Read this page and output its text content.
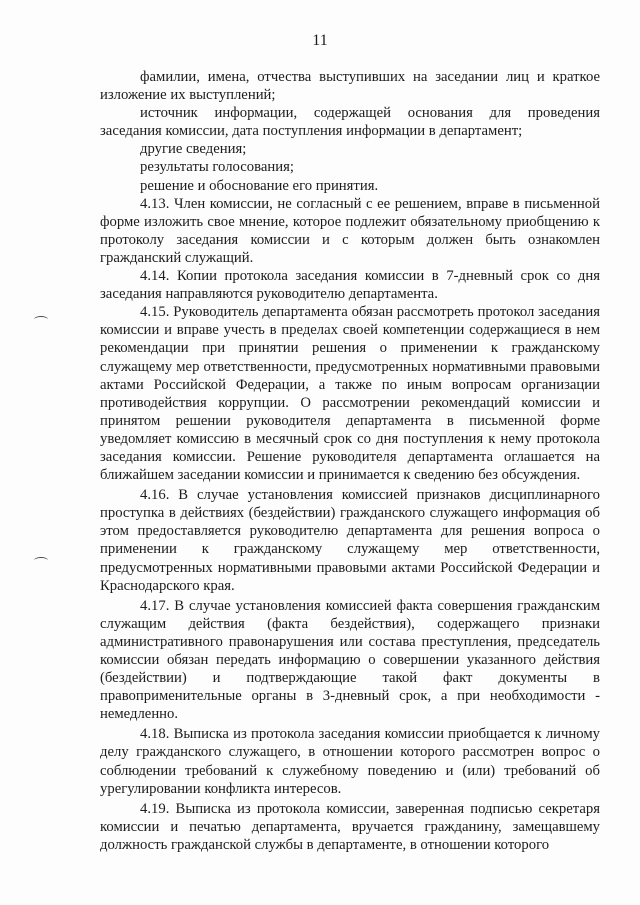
11

фамилии, имена, отчества выступивших на заседании лиц и краткое изложение их выступлений;

источник информации, содержащей основания для проведения заседания комиссии, дата поступления информации в департамент;

другие сведения;

результаты голосования;

решение и обоснование его принятия.

4.13. Член комиссии, не согласный с ее решением, вправе в письменной форме изложить свое мнение, которое подлежит обязательному приобщению к протоколу заседания комиссии и с которым должен быть ознакомлен гражданский служащий.

4.14. Копии протокола заседания комиссии в 7-дневный срок со дня заседания направляются руководителю департамента.

4.15. Руководитель департамента обязан рассмотреть протокол заседания комиссии и вправе учесть в пределах своей компетенции содержащиеся в нем рекомендации при принятии решения о применении к гражданскому служащему мер ответственности, предусмотренных нормативными правовыми актами Российской Федерации, а также по иным вопросам организации противодействия коррупции. О рассмотрении рекомендаций комиссии и принятом решении руководителя департамента в письменной форме уведомляет комиссию в месячный срок со дня поступления к нему протокола заседания комиссии. Решение руководителя департамента оглашается на ближайшем заседании комиссии и принимается к сведению без обсуждения.

4.16. В случае установления комиссией признаков дисциплинарного проступка в действиях (бездействии) гражданского служащего информация об этом предоставляется руководителю департамента для решения вопроса о применении к гражданскому служащему мер ответственности, предусмотренных нормативными правовыми актами Российской Федерации и Краснодарского края.

4.17. В случае установления комиссией факта совершения гражданским служащим действия (факта бездействия), содержащего признаки административного правонарушения или состава преступления, председатель комиссии обязан передать информацию о совершении указанного действия (бездействии) и подтверждающие такой факт документы в правоприменительные органы в 3-дневный срок, а при необходимости - немедленно.

4.18. Выписка из протокола заседания комиссии приобщается к личному делу гражданского служащего, в отношении которого рассмотрен вопрос о соблюдении требований к служебному поведению и (или) требований об урегулировании конфликта интересов.

4.19. Выписка из протокола комиссии, заверенная подписью секретаря комиссии и печатью департамента, вручается гражданину, замещавшему должность гражданской службы в департаменте, в отношении которого
